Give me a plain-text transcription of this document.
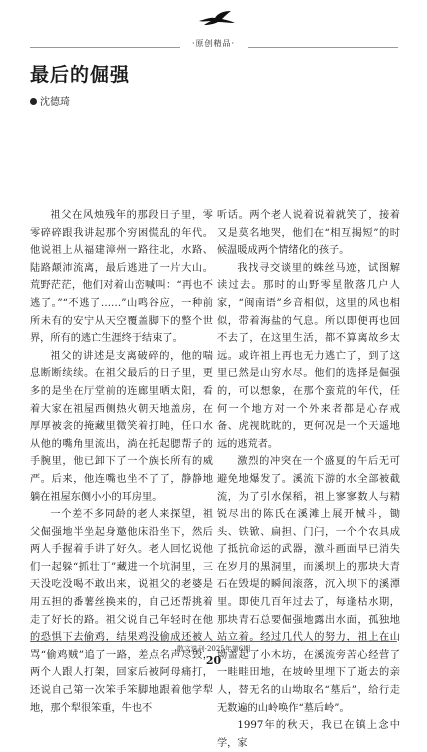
·原创精品·
最后的倔强
沈德琦

祖父在风烛残年的那段日子里，零零碎碎跟我讲起那个穷困慌乱的年代。他说祖上从福建漳州一路往北，水路、陆路颠沛流离，最后逃进了一片大山。荒野茫茫，他们对着山峦喊叫：“再也不逃了。”“不逃了……”山鸣谷应，一种前所未有的安宁从天空覆盖脚下的整个世界，所有的逃亡生涯终于结束了。

祖父的讲述是支离破碎的，他的喘息断断续续。在祖父最后的日子里，更多的是坐在厅堂前的连廊里晒太阳，看着大家在祖屋西侧热火朝天地盖房，在厚厚被衾的掩藏里微笑着打盹，任口水从他的嘴角里流出，淌在托起腮帮子的手腕里，他已卸下了一个族长所有的威严。后来，他连嘴也坐不了了，静静地躺在祖屋东侧小小的耳房里。

一个差不多同龄的老人来探望，祖父倔强地半坐起身邀他床沿坐下，然后两人手握着手讲了好久。老人回忆说他们一起躲“抓壮丁”藏进一个坑洞里，三天没吃没喝不敢出来，说祖父的老婆是用五担的番薯丝换来的，自己还帮挑着走了好长的路。祖父说自己年轻时在他的恐惧下去偷鸡，结果鸡没偷成还被人骂“偷鸡贼”追了一路，差点名声尽毁，两个人跟人打架，回家后被阿母痛打，还说自己第一次笨手笨脚地跟着他学犁地，那个犁很笨重，牛也不

听话。两个老人说着说着就笑了，接着又是莫名地哭，他们在“相互揭短”的时候温暖成两个情绪化的孩子。

我找寻交谈里的蛛丝马迹，试图解读过去。那时的山野零星散落几户人家，“闽南语”乡音相似，这里的风也相似，带着海盐的气息。所以即便再也回不去了，在这里生活，都不算离故乡太远。或许祖上再也无力逃亡了，到了这里已然是山穷水尽。他们的选择是倔强的，可以想象，在那个蛮荒的年代，任何一个地方对一个外来者都是心存戒备、虎视眈眈的，更何况是一个天遥地远的逃荒者。

激烈的冲突在一个盛夏的午后无可避免地爆发了。溪流下游的水全部被截流，为了引水保稻，祖上寥寥数人与精锐尽出的陈氏在溪滩上展开械斗，锄头、铁锨、扁担、门闩，一个个农具成了抵抗命运的武器，激斗画面早已消失在岁月的黑洞里，而溪坝上的那块大青石在毁堤的瞬间滚落，沉入坝下的溪潭里。即使几百年过去了，每逢枯水期，那块青石总要倔强地露出水面，孤独地站立着。经过几代人的努力，祖上在山坳盖起了小木坊，在溪流旁苦心经营了一畦畦田地，在坡岭里埋下了逝去的亲人，替无名的山坳取名“墓后”，给行走无数遍的山岭唤作“墓后岭”。

1997年的秋天，我已在镇上念中学，家

散文选刊·2025年第6期
20
